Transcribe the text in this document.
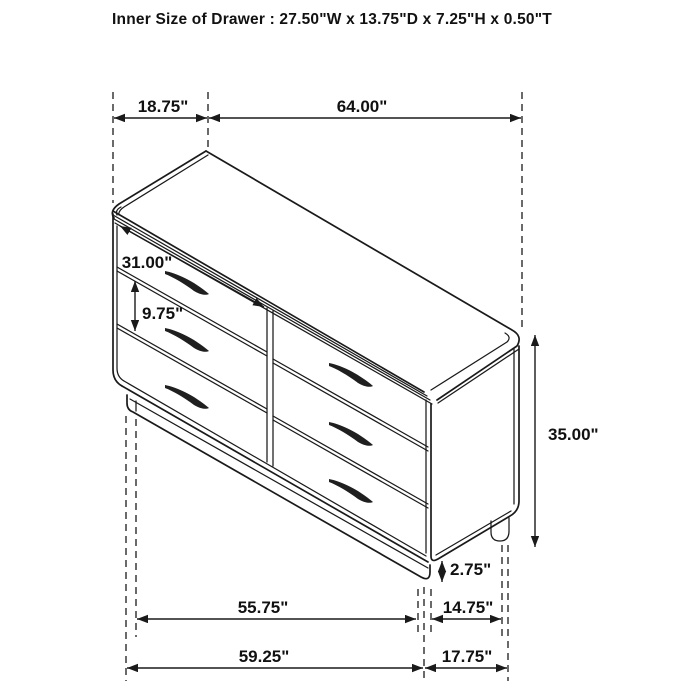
Inner Size of Drawer : 27.50"W x 13.75"D x 7.25"H x 0.50"T
18.75"	64.00"
31.00"
9.75"
35.00"
2.75"
55.75"	14.75"
59.25"	17.75"
